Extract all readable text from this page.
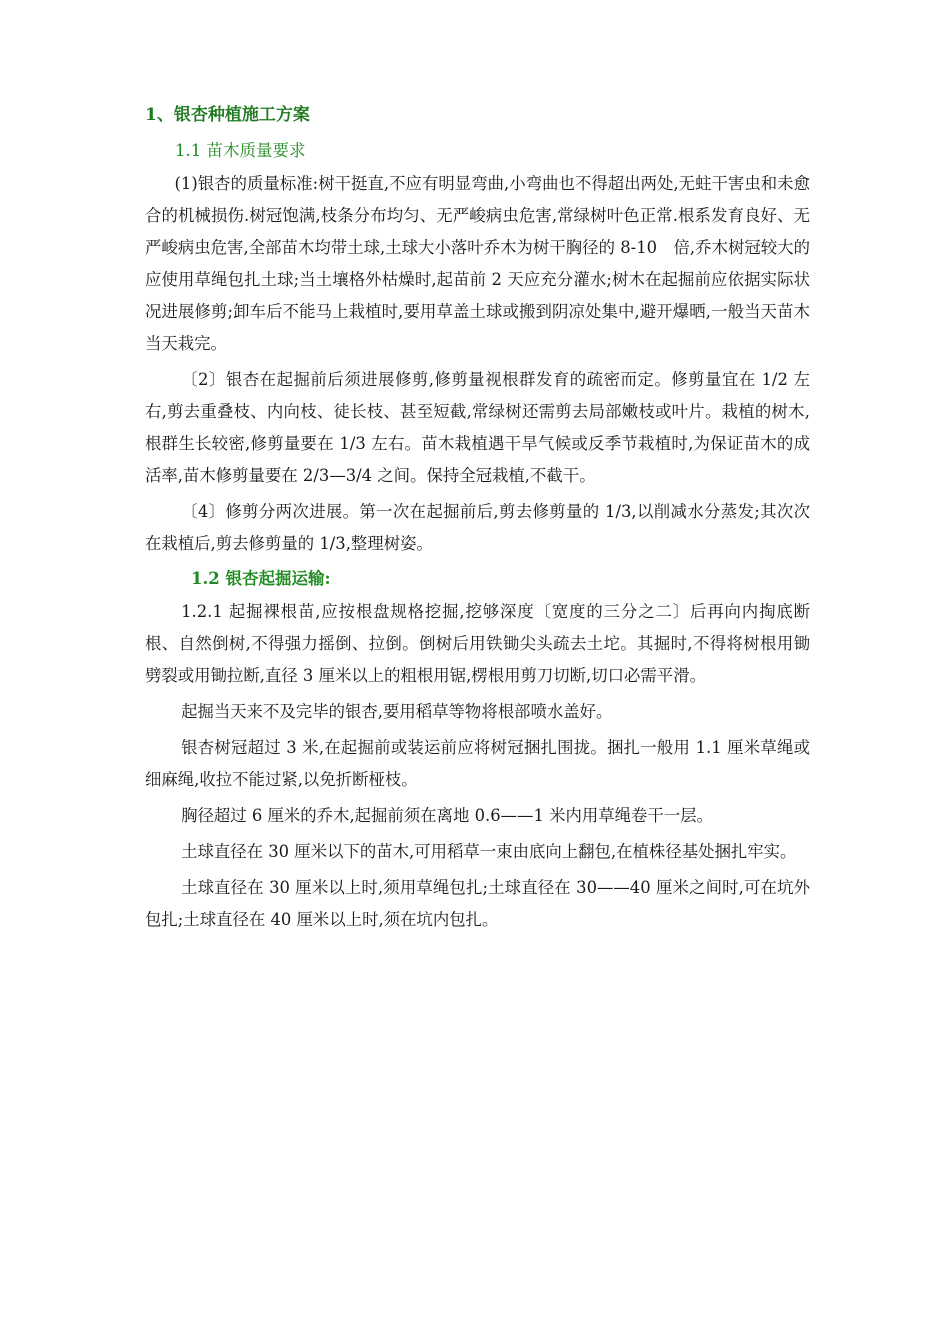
1、银杏种植施工方案
1.1 苗木质量要求

(1)银杏的质量标准:树干挺直,不应有明显弯曲,小弯曲也不得超出两处,无蛀干害虫和未愈合的机械损伤.树冠饱满,枝条分布均匀、无严峻病虫危害,常绿树叶色正常.根系发育良好、无严峻病虫危害,全部苗木均带土球,土球大小落叶乔木为树干胸径的 8-10　倍,乔木树冠较大的应使用草绳包扎土球;当土壤格外枯燥时,起苗前 2 天应充分灌水;树木在起掘前应依据实际状况进展修剪;卸车后不能马上栽植时,要用草盖土球或搬到阴凉处集中,避开爆晒,一般当天苗木当天栽完。

〔2〕银杏在起掘前后须进展修剪,修剪量视根群发育的疏密而定。修剪量宜在 1/2 左右,剪去重叠枝、内向枝、徒长枝、甚至短截,常绿树还需剪去局部嫩枝或叶片。栽植的树木,根群生长较密,修剪量要在 1/3 左右。苗木栽植遇干旱气候或反季节栽植时,为保证苗木的成活率,苗木修剪量要在 2/3—3/4 之间。保持全冠栽植,不截干。

〔4〕修剪分两次进展。第一次在起掘前后,剪去修剪量的 1/3,以削减水分蒸发;其次次在栽植后,剪去修剪量的 1/3,整理树姿。

1.2 银杏起掘运输:

1.2.1 起掘裸根苗,应按根盘规格挖掘,挖够深度〔宽度的三分之二〕后再向内掏底断根、自然倒树,不得强力摇倒、拉倒。倒树后用铁锄尖头疏去土坨。其掘时,不得将树根用锄劈裂或用锄拉断,直径 3 厘米以上的粗根用锯,楞根用剪刀切断,切口必需平滑。

起掘当天来不及完毕的银杏,要用稻草等物将根部喷水盖好。

银杏树冠超过 3 米,在起掘前或装运前应将树冠捆扎围拢。捆扎一般用 1.1 厘米草绳或细麻绳,收拉不能过紧,以免折断桠枝。

胸径超过 6 厘米的乔木,起掘前须在离地 0.6——1 米内用草绳卷干一层。

土球直径在 30 厘米以下的苗木,可用稻草一束由底向上翻包,在植株径基处捆扎牢实。

土球直径在 30 厘米以上时,须用草绳包扎;土球直径在 30——40 厘米之间时,可在坑外包扎;土球直径在 40 厘米以上时,须在坑内包扎。
